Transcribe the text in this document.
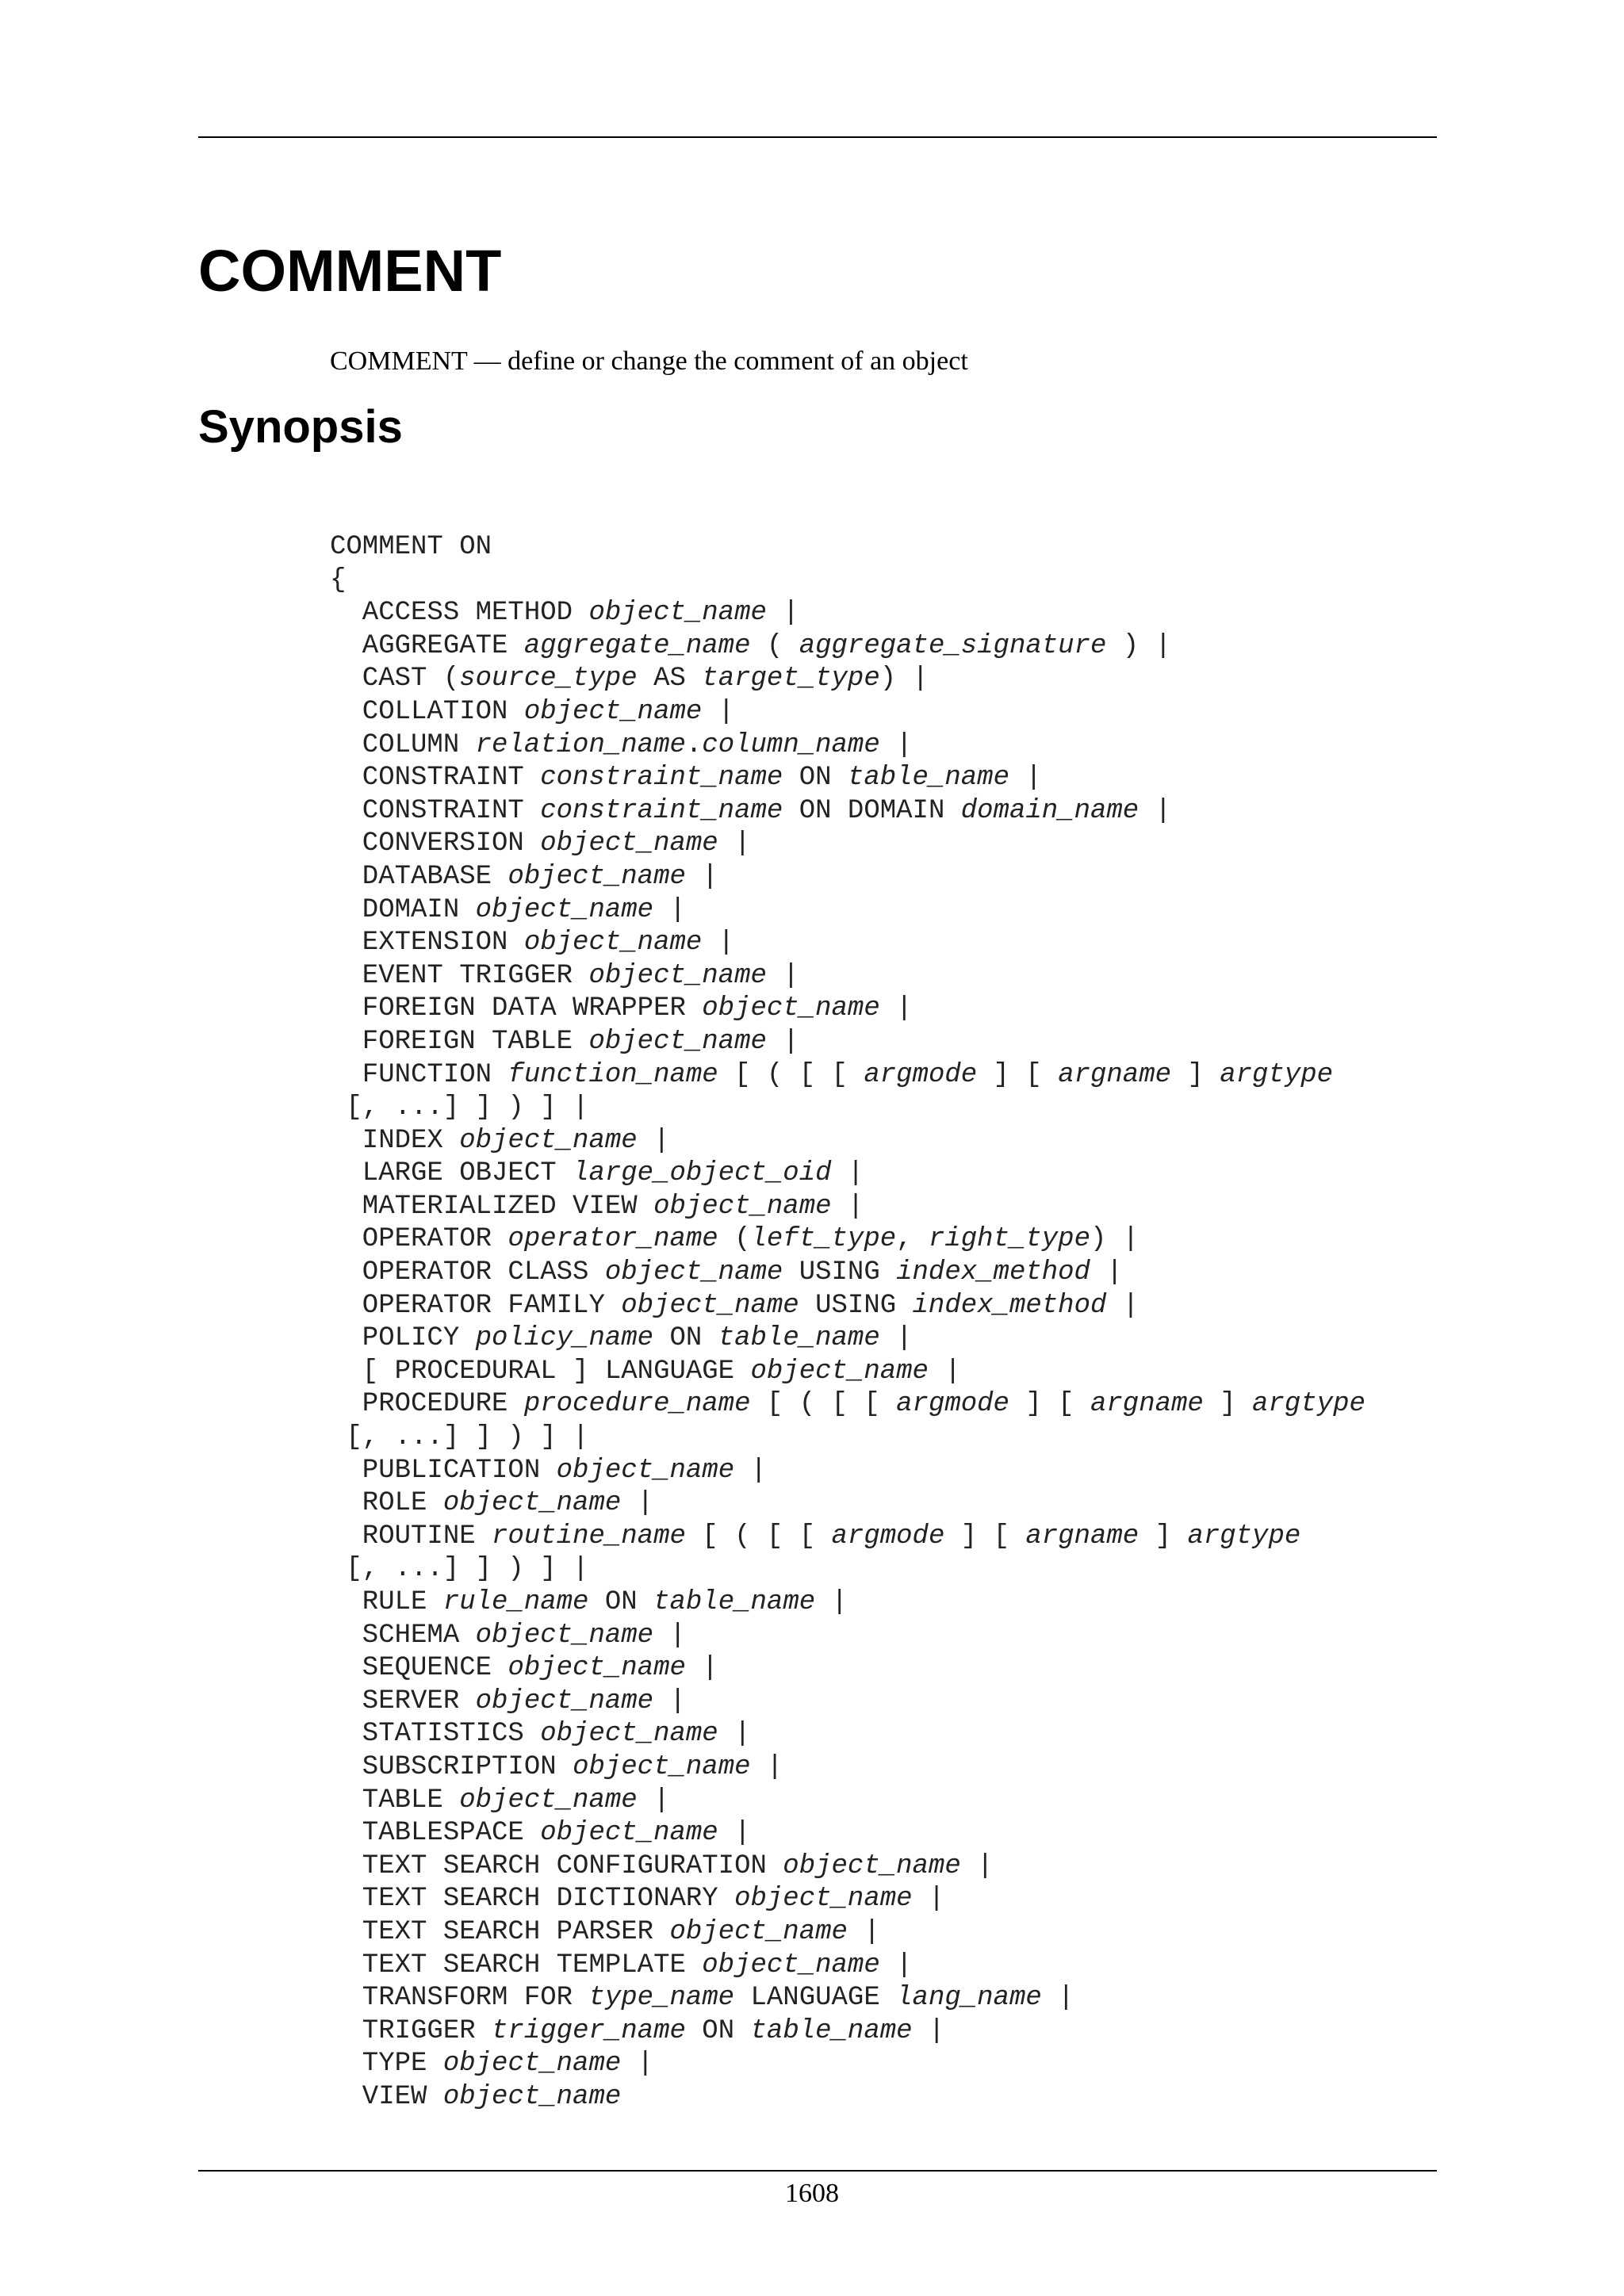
COMMENT

COMMENT — define or change the comment of an object

Synopsis
COMMENT ON
{
ACCESS METHOD object_name |
AGGREGATE aggregate_name ( aggregate_signature ) |
CAST (source_type AS target_type) |
COLLATION object_name |
COLUMN relation_name.column_name |
CONSTRAINT constraint_name ON table_name |
CONSTRAINT constraint_name ON DOMAIN domain_name |
CONVERSION object_name |
DATABASE object_name |
DOMAIN object_name |
EXTENSION object_name |
EVENT TRIGGER object_name |
FOREIGN DATA WRAPPER object_name |
FOREIGN TABLE object_name |
FUNCTION function_name [ ( [ [ argmode ] [ argname ] argtype
[, ...] ] ) ] |
INDEX object_name |
LARGE OBJECT large_object_oid |
MATERIALIZED VIEW object_name |
OPERATOR operator_name (left_type, right_type) |
OPERATOR CLASS object_name USING index_method |
OPERATOR FAMILY object_name USING index_method |
POLICY policy_name ON table_name |
[ PROCEDURAL ] LANGUAGE object_name |
PROCEDURE procedure_name [ ( [ [ argmode ] [ argname ] argtype
[, ...] ] ) ] |
PUBLICATION object_name |
ROLE object_name |
ROUTINE routine_name [ ( [ [ argmode ] [ argname ] argtype
[, ...] ] ) ] |
RULE rule_name ON table_name |
SCHEMA object_name |
SEQUENCE object_name |
SERVER object_name |
STATISTICS object_name |
SUBSCRIPTION object_name |
TABLE object_name |
TABLESPACE object_name |
TEXT SEARCH CONFIGURATION object_name |
TEXT SEARCH DICTIONARY object_name |
TEXT SEARCH PARSER object_name |
TEXT SEARCH TEMPLATE object_name |
TRANSFORM FOR type_name LANGUAGE lang_name |
TRIGGER trigger_name ON table_name |
TYPE object_name |
VIEW object_name
1608
